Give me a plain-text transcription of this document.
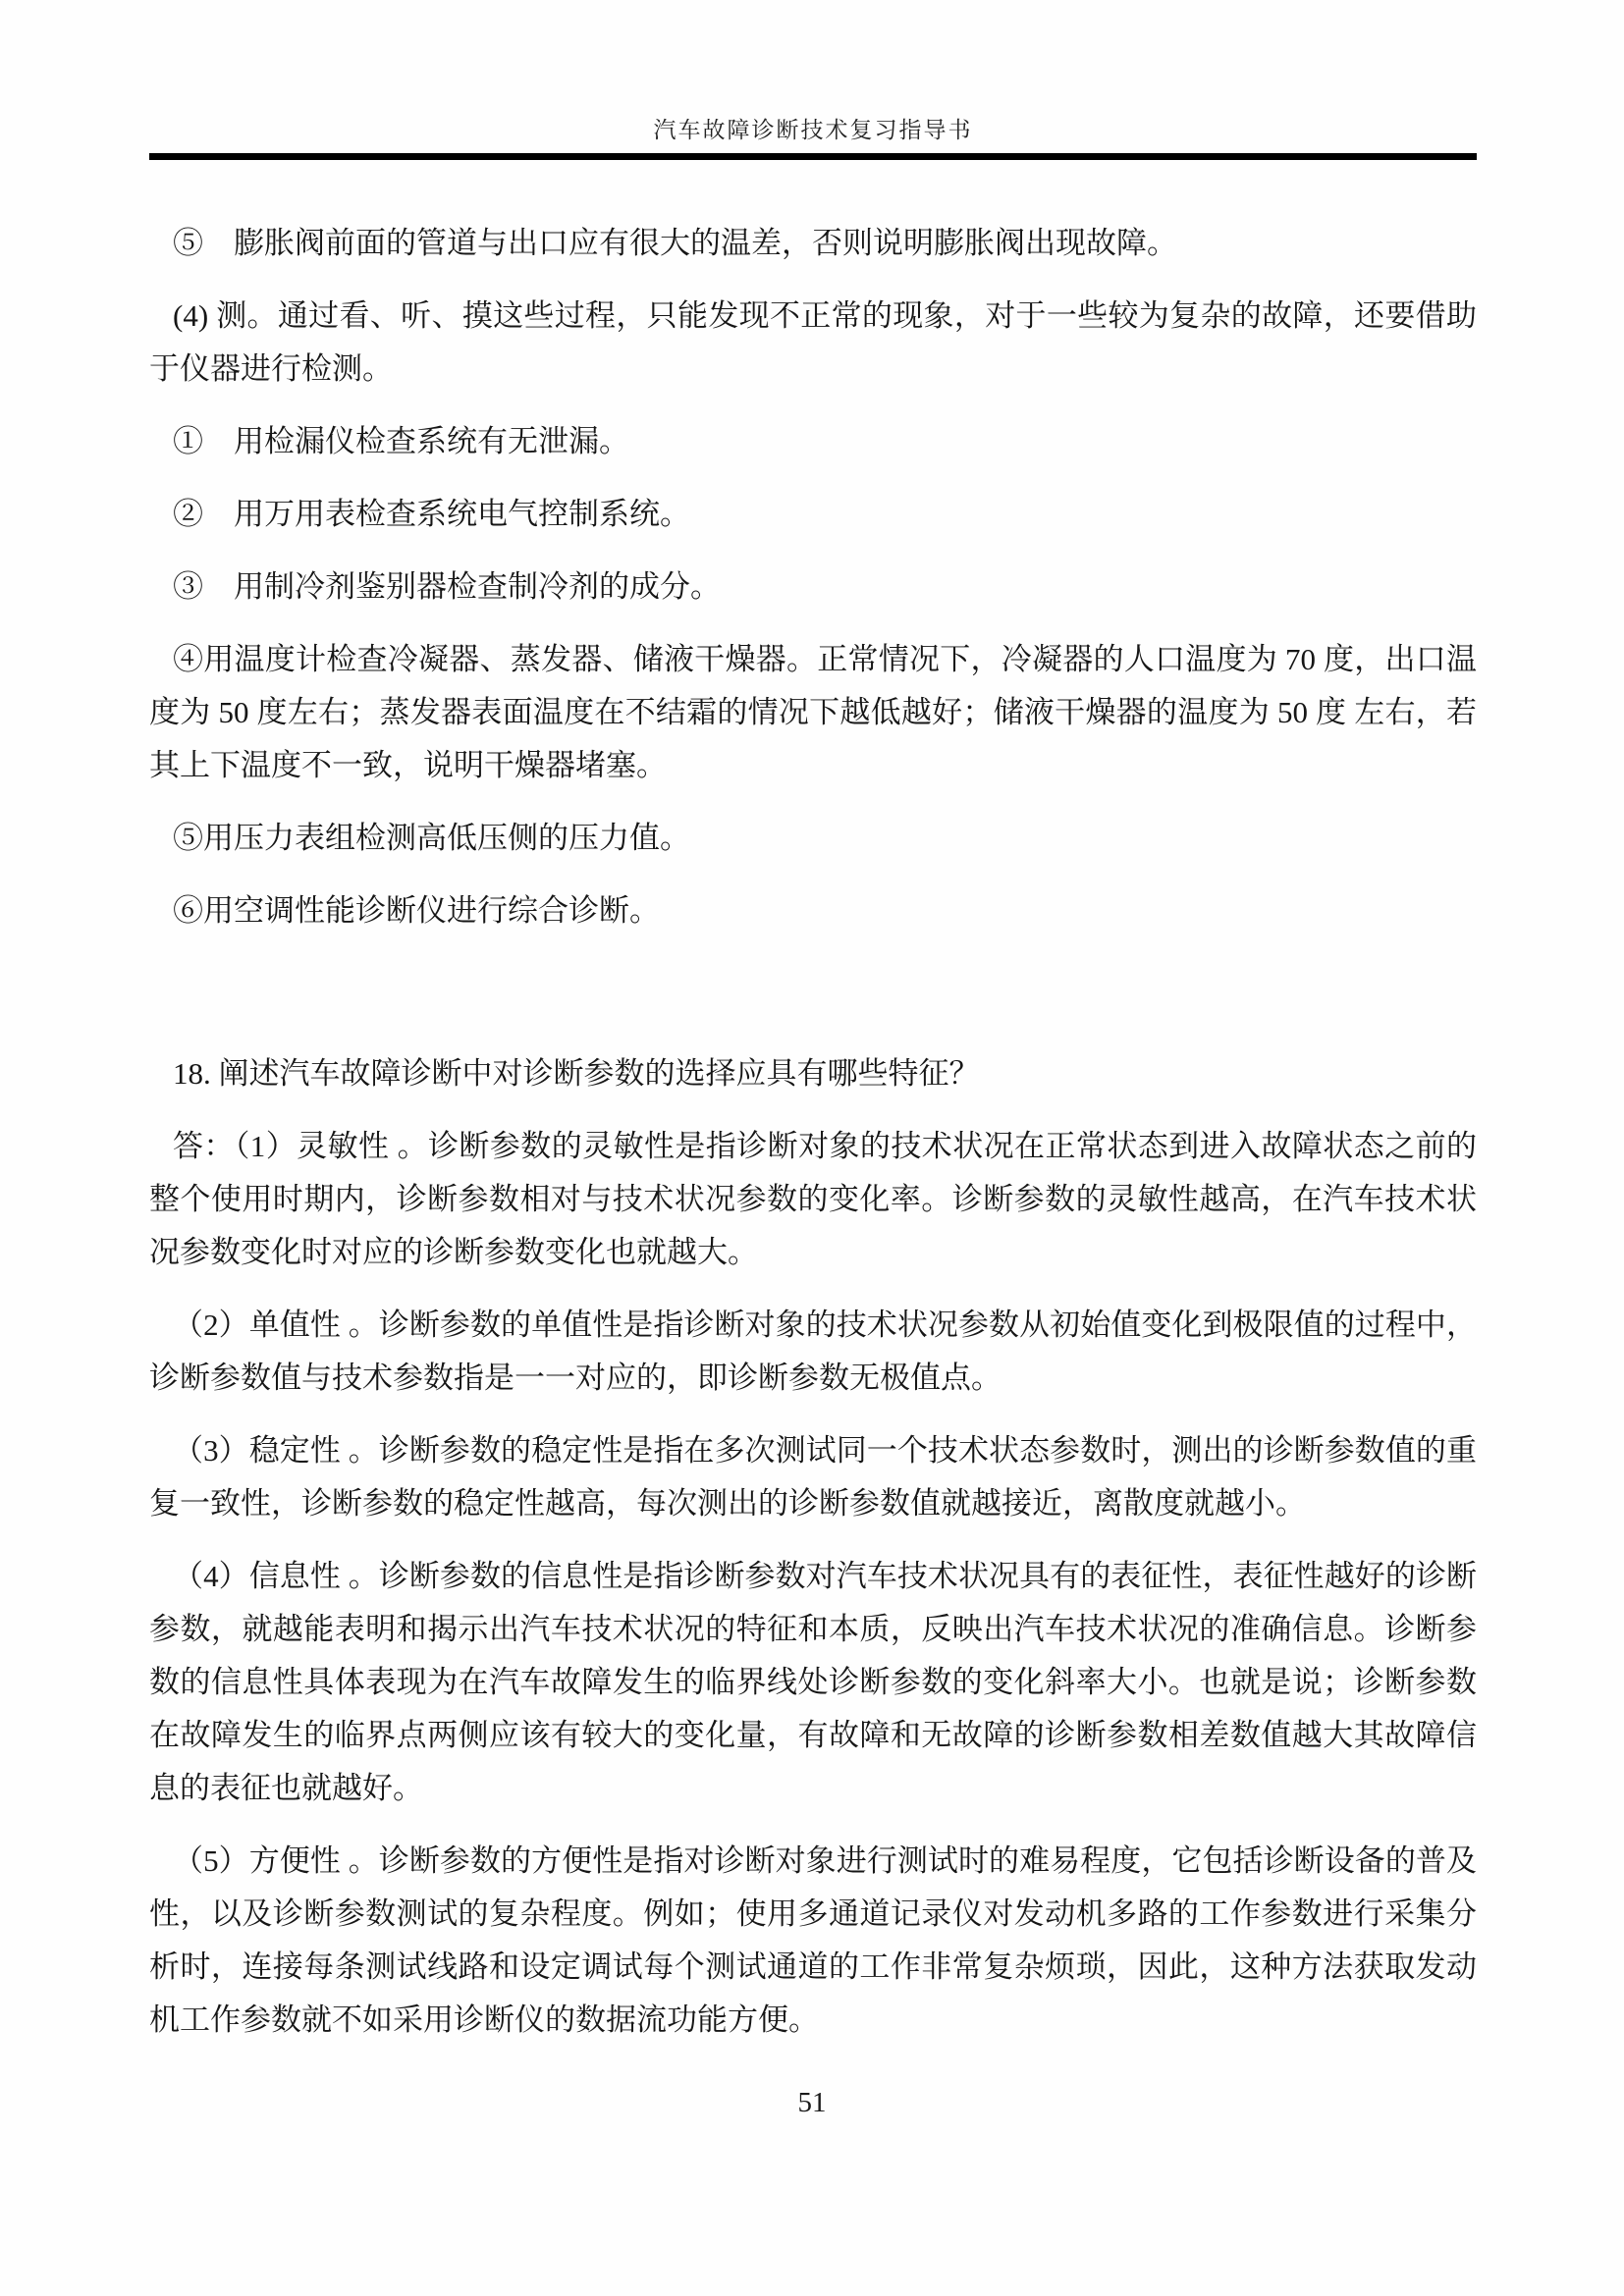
汽车故障诊断技术复习指导书

⑤　膨胀阀前面的管道与出口应有很大的温差，否则说明膨胀阀出现故障。

(4) 测。通过看、听、摸这些过程，只能发现不正常的现象，对于一些较为复杂的故障，还要借助于仪器进行检测。

①　用检漏仪检查系统有无泄漏。

②　用万用表检查系统电气控制系统。

③　用制冷剂鉴别器检查制冷剂的成分。

④用温度计检查冷凝器、蒸发器、储液干燥器。正常情况下，冷凝器的人口温度为 70 度，出口温度为 50 度左右；蒸发器表面温度在不结霜的情况下越低越好；储液干燥器的温度为 50 度 左右，若其上下温度不一致，说明干燥器堵塞。

⑤用压力表组检测高低压侧的压力值。

⑥用空调性能诊断仪进行综合诊断。

18. 阐述汽车故障诊断中对诊断参数的选择应具有哪些特征？

答：（1）灵敏性 。诊断参数的灵敏性是指诊断对象的技术状况在正常状态到进入故障状态之前的整个使用时期内，诊断参数相对与技术状况参数的变化率。诊断参数的灵敏性越高，在汽车技术状况参数变化时对应的诊断参数变化也就越大。

（2）单值性 。诊断参数的单值性是指诊断对象的技术状况参数从初始值变化到极限值的过程中，诊断参数值与技术参数指是一一对应的，即诊断参数无极值点。

（3）稳定性 。诊断参数的稳定性是指在多次测试同一个技术状态参数时，测出的诊断参数值的重复一致性，诊断参数的稳定性越高，每次测出的诊断参数值就越接近，离散度就越小。

（4）信息性 。诊断参数的信息性是指诊断参数对汽车技术状况具有的表征性，表征性越好的诊断参数，就越能表明和揭示出汽车技术状况的特征和本质，反映出汽车技术状况的准确信息。诊断参数的信息性具体表现为在汽车故障发生的临界线处诊断参数的变化斜率大小。也就是说；诊断参数在故障发生的临界点两侧应该有较大的变化量，有故障和无故障的诊断参数相差数值越大其故障信息的表征也就越好。

（5）方便性 。诊断参数的方便性是指对诊断对象进行测试时的难易程度，它包括诊断设备的普及性，以及诊断参数测试的复杂程度。例如；使用多通道记录仪对发动机多路的工作参数进行采集分析时，连接每条测试线路和设定调试每个测试通道的工作非常复杂烦琐，因此，这种方法获取发动机工作参数就不如采用诊断仪的数据流功能方便。

51
